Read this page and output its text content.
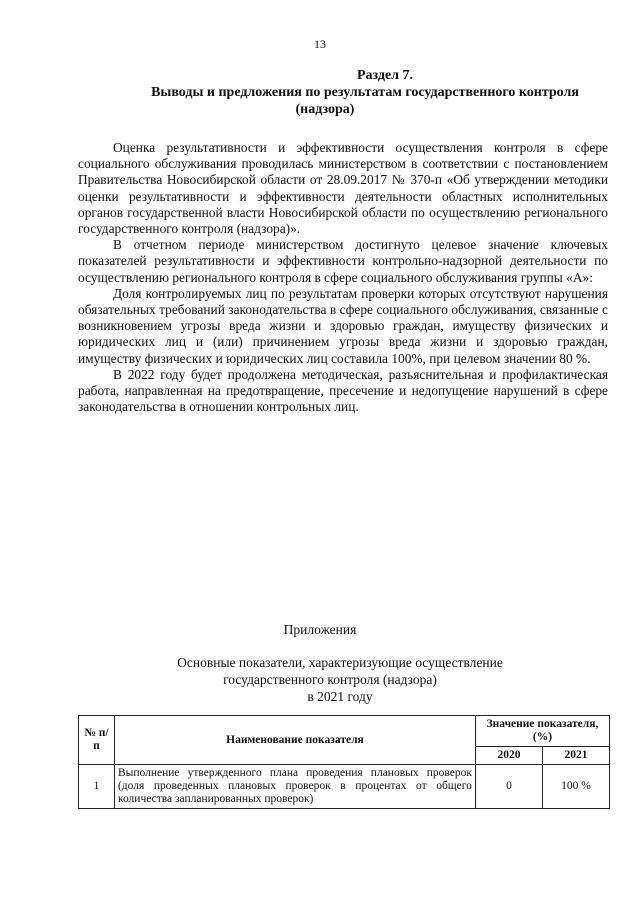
13
Раздел 7.
Выводы и предложения по результатам государственного контроля
(надзора)

Оценка результативности и эффективности осуществления контроля в сфере социального обслуживания проводилась министерством в соответствии с постановлением Правительства Новосибирской области от 28.09.2017 № 370-п «Об утверждении методики оценки результативности и эффективности деятельности областных исполнительных органов государственной власти Новосибирской области по осуществлению регионального государственного контроля (надзора)».

В отчетном периоде министерством достигнуто целевое значение ключевых показателей результативности и эффективности контрольно-надзорной деятельности по осуществлению регионального контроля в сфере социального обслуживания группы «А»:

Доля контролируемых лиц по результатам проверки которых отсутствуют нарушения обязательных требований законодательства в сфере социального обслуживания, связанные с возникновением угрозы вреда жизни и здоровью граждан, имуществу физических и юридических лиц и (или) причинением угрозы вреда жизни и здоровью граждан, имуществу физических и юридических лиц составила 100%, при целевом значении 80 %.

В 2022 году будет продолжена методическая, разъяснительная и профилактическая работа, направленная на предотвращение, пресечение и недопущение нарушений в сфере законодательства в отношении контрольных лиц.

Приложения
Основные показатели, характеризующие осуществление
государственного контроля (надзора)
в 2021 году
№ п/п	Наименование показателя	Значение показателя, (%)	
		2020	2021
1	Выполнение утвержденного плана проведения плановых проверок (доля проведенных плановых проверок в процентах от общего количества запланированных проверок)	0	100 %
